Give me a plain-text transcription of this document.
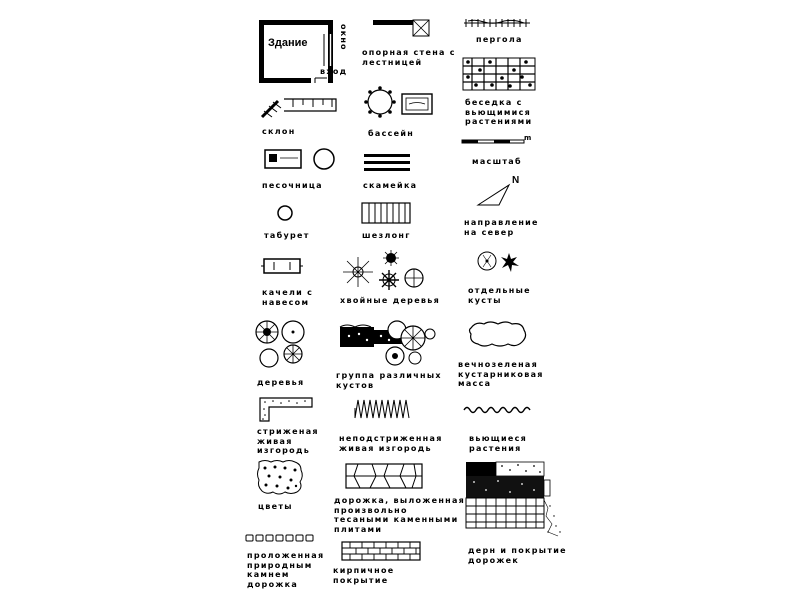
Здание	окно
вход
склон
песочница
табурет
качели с
навесом
деревья
стриженая
живая
изгородь
цветы
проложенная
природным
камнем
дорожка
опорная стена с
лестницей
бассейн
скамейка
шезлонг
хвойные деревья
группа различных
кустов
неподстриженная
живая изгородь
дорожка, выложенная
произвольно
тесаными каменными
плитами
кирпичное
покрытие
пергола
беседка с
вьющимися
растениями
m
масштаб
N
направление
на север
отдельные
кусты
вечнозеленая
кустарниковая
масса
вьющиеся
растения
дерн и покрытие
дорожек
